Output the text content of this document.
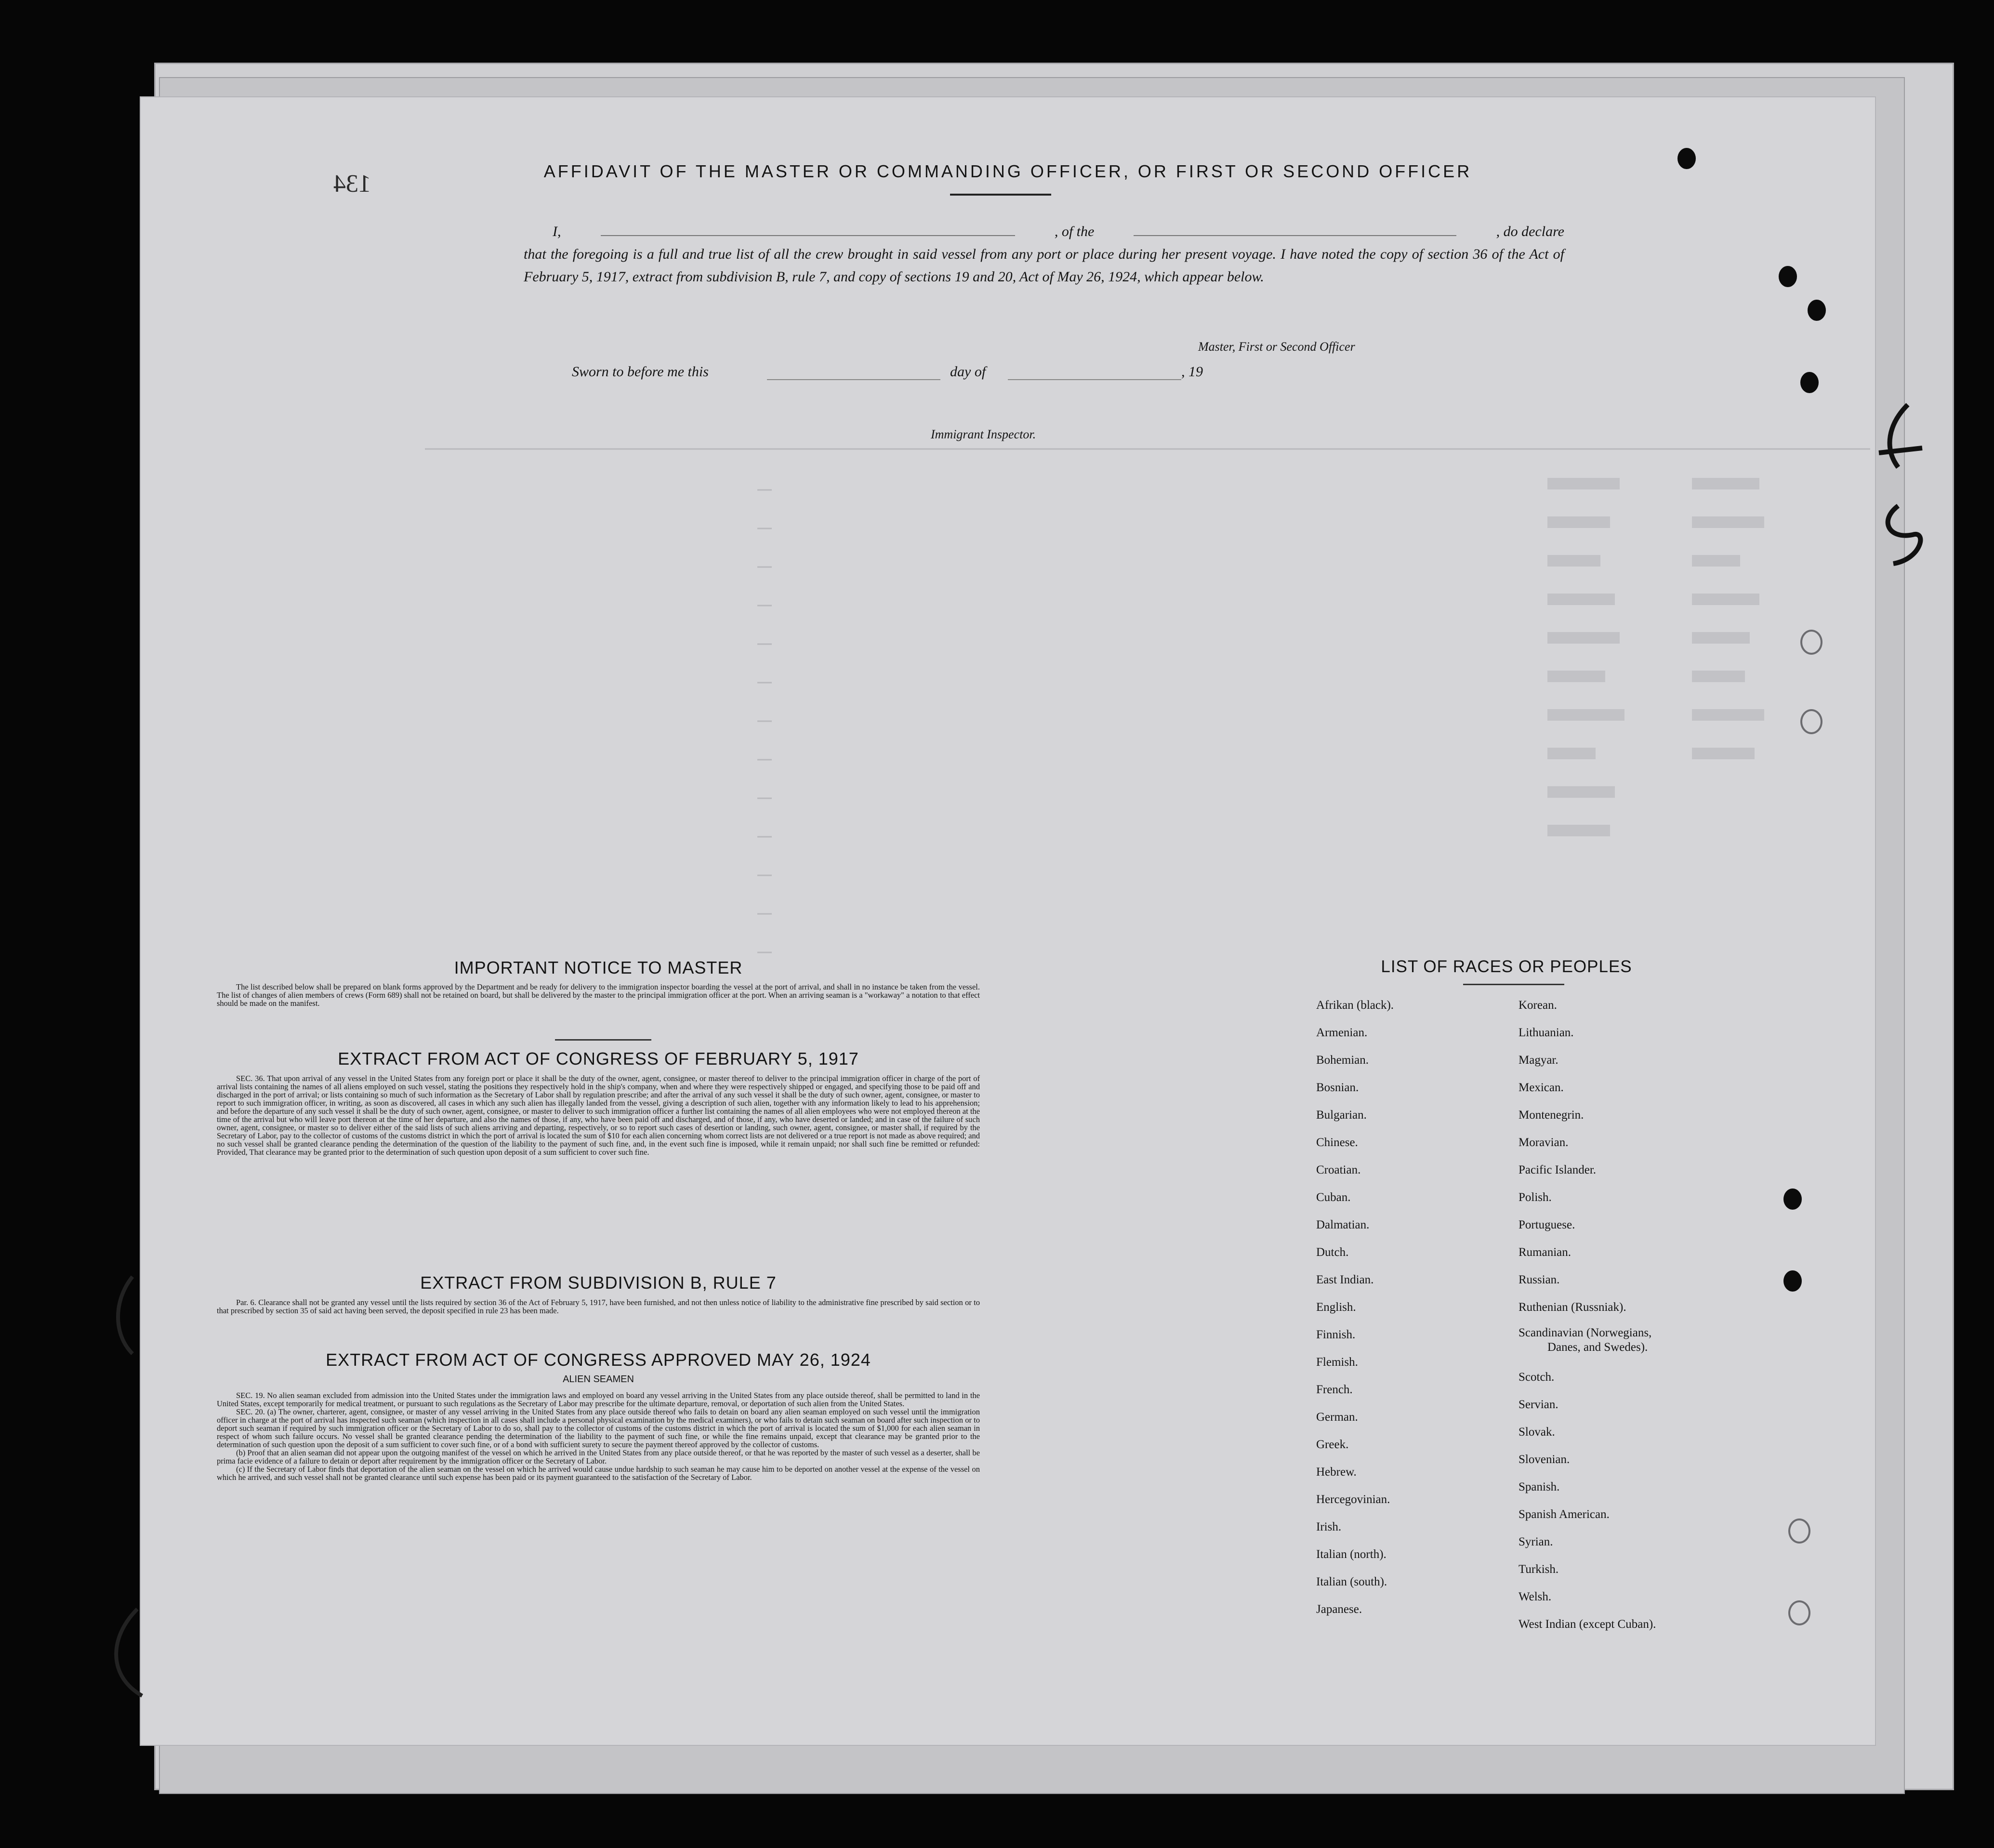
134	AFFIDAVIT OF THE MASTER OR COMMANDING OFFICER, OR FIRST OR SECOND OFFICER
I,	, of the	, do declare
that the foregoing is a full and true list of all the crew brought in said vessel from any port or place during her present voyage. I have noted the copy of section 36 of the Act of February 5, 1917, extract from subdivision B, rule 7, and copy of sections 19 and 20, Act of May 26, 1924, which appear below.
Master, First or Second Officer
Sworn to before me this	day of	, 19
Immigrant Inspector.
IMPORTANT NOTICE TO MASTER

The list described below shall be prepared on blank forms approved by the Department and be ready for delivery to the immigration inspector boarding the vessel at the port of arrival, and shall in no instance be taken from the vessel. The list of changes of alien members of crews (Form 689) shall not be retained on board, but shall be delivered by the master to the principal immigration officer at the port. When an arriving seaman is a "workaway" a notation to that effect should be made on the manifest.

EXTRACT FROM ACT OF CONGRESS OF FEBRUARY 5, 1917

SEC. 36. That upon arrival of any vessel in the United States from any foreign port or place it shall be the duty of the owner, agent, consignee, or master thereof to deliver to the principal immigration officer in charge of the port of arrival lists containing the names of all aliens employed on such vessel, stating the positions they respectively hold in the ship's company, when and where they were respectively shipped or engaged, and specifying those to be paid off and discharged in the port of arrival; or lists containing so much of such information as the Secretary of Labor shall by regulation prescribe; and after the arrival of any such vessel it shall be the duty of such owner, agent, consignee, or master to report to such immigration officer, in writing, as soon as discovered, all cases in which any such alien has illegally landed from the vessel, giving a description of such alien, together with any information likely to lead to his apprehension; and before the departure of any such vessel it shall be the duty of such owner, agent, consignee, or master to deliver to such immigration officer a further list containing the names of all alien employees who were not employed thereon at the time of the arrival but who will leave port thereon at the time of her departure, and also the names of those, if any, who have been paid off and discharged, and of those, if any, who have deserted or landed; and in case of the failure of such owner, agent, consignee, or master so to deliver either of the said lists of such aliens arriving and departing, respectively, or so to report such cases of desertion or landing, such owner, agent, consignee, or master shall, if required by the Secretary of Labor, pay to the collector of customs of the customs district in which the port of arrival is located the sum of $10 for each alien concerning whom correct lists are not delivered or a true report is not made as above required; and no such vessel shall be granted clearance pending the determination of the question of the liability to the payment of such fine, and, in the event such fine is imposed, while it remain unpaid; nor shall such fine be remitted or refunded: Provided, That clearance may be granted prior to the determination of such question upon deposit of a sum sufficient to cover such fine.

EXTRACT FROM SUBDIVISION B, RULE 7

Par. 6. Clearance shall not be granted any vessel until the lists required by section 36 of the Act of February 5, 1917, have been furnished, and not then unless notice of liability to the administrative fine prescribed by said section or to that prescribed by section 35 of said act having been served, the deposit specified in rule 23 has been made.

EXTRACT FROM ACT OF CONGRESS APPROVED MAY 26, 1924
ALIEN SEAMEN

SEC. 19. No alien seaman excluded from admission into the United States under the immigration laws and employed on board any vessel arriving in the United States from any place outside thereof, shall be permitted to land in the United States, except temporarily for medical treatment, or pursuant to such regulations as the Secretary of Labor may prescribe for the ultimate departure, removal, or deportation of such alien from the United States.

SEC. 20. (a) The owner, charterer, agent, consignee, or master of any vessel arriving in the United States from any place outside thereof who fails to detain on board any alien seaman employed on such vessel until the immigration officer in charge at the port of arrival has inspected such seaman (which inspection in all cases shall include a personal physical examination by the medical examiners), or who fails to detain such seaman on board after such inspection or to deport such seaman if required by such immigration officer or the Secretary of Labor to do so, shall pay to the collector of customs of the customs district in which the port of arrival is located the sum of $1,000 for each alien seaman in respect of whom such failure occurs. No vessel shall be granted clearance pending the determination of the liability to the payment of such fine, or while the fine remains unpaid, except that clearance may be granted prior to the determination of such question upon the deposit of a sum sufficient to cover such fine, or of a bond with sufficient surety to secure the payment thereof approved by the collector of customs.

(b) Proof that an alien seaman did not appear upon the outgoing manifest of the vessel on which he arrived in the United States from any place outside thereof, or that he was reported by the master of such vessel as a deserter, shall be prima facie evidence of a failure to detain or deport after requirement by the immigration officer or the Secretary of Labor.

(c) If the Secretary of Labor finds that deportation of the alien seaman on the vessel on which he arrived would cause undue hardship to such seaman he may cause him to be deported on another vessel at the expense of the vessel on which he arrived, and such vessel shall not be granted clearance until such expense has been paid or its payment guaranteed to the satisfaction of the Secretary of Labor.

LIST OF RACES OR PEOPLES
Afrikan (black).
Armenian.
Bohemian.
Bosnian.
Bulgarian.
Chinese.
Croatian.
Cuban.
Dalmatian.
Dutch.
East Indian.
English.
Finnish.
Flemish.
French.
German.
Greek.
Hebrew.
Hercegovinian.
Irish.
Italian (north).
Italian (south).
Japanese.
Korean.
Lithuanian.
Magyar.
Mexican.
Montenegrin.
Moravian.
Pacific Islander.
Polish.
Portuguese.
Rumanian.
Russian.
Ruthenian (Russniak).
Scandinavian (Norwegians,
Danes, and Swedes).
Scotch.
Servian.
Slovak.
Slovenian.
Spanish.
Spanish American.
Syrian.
Turkish.
Welsh.
West Indian (except Cuban).
